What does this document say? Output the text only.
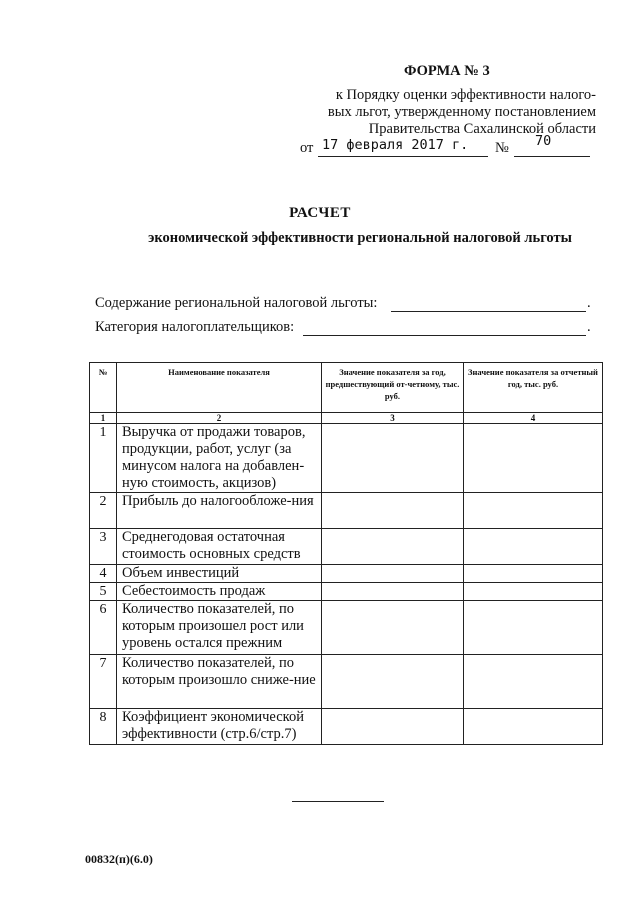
ФОРМА № 3
к Порядку оценки эффективности налого-
вых льгот, утвержденному постановлением
Правительства Сахалинской области
от 17 февраля 2017 г. № 70
РАСЧЕТ
экономической эффективности региональной налоговой льготы
Содержание региональной налоговой льготы:	.
Категория налогоплательщиков:	.
№	Наименование показателя	Значение показателя за год, предшествующий от-четному, тыс. руб.	Значение показателя за отчетный год, тыс. руб.
1	2	3	4
1	Выручка от продажи товаров, продукции, работ, услуг (за минусом налога на добавлен-ную стоимость, акцизов)		
2	Прибыль до налогообложе-ния		
3	Среднегодовая остаточная стоимость основных средств		
4	Объем инвестиций		
5	Себестоимость продаж		
6	Количество показателей, по которым произошел рост или уровень остался прежним		
7	Количество показателей, по которым произошло сниже-ние		
8	Коэффициент экономической эффективности (стр.6/стр.7)		
00832(п)(6.0)
